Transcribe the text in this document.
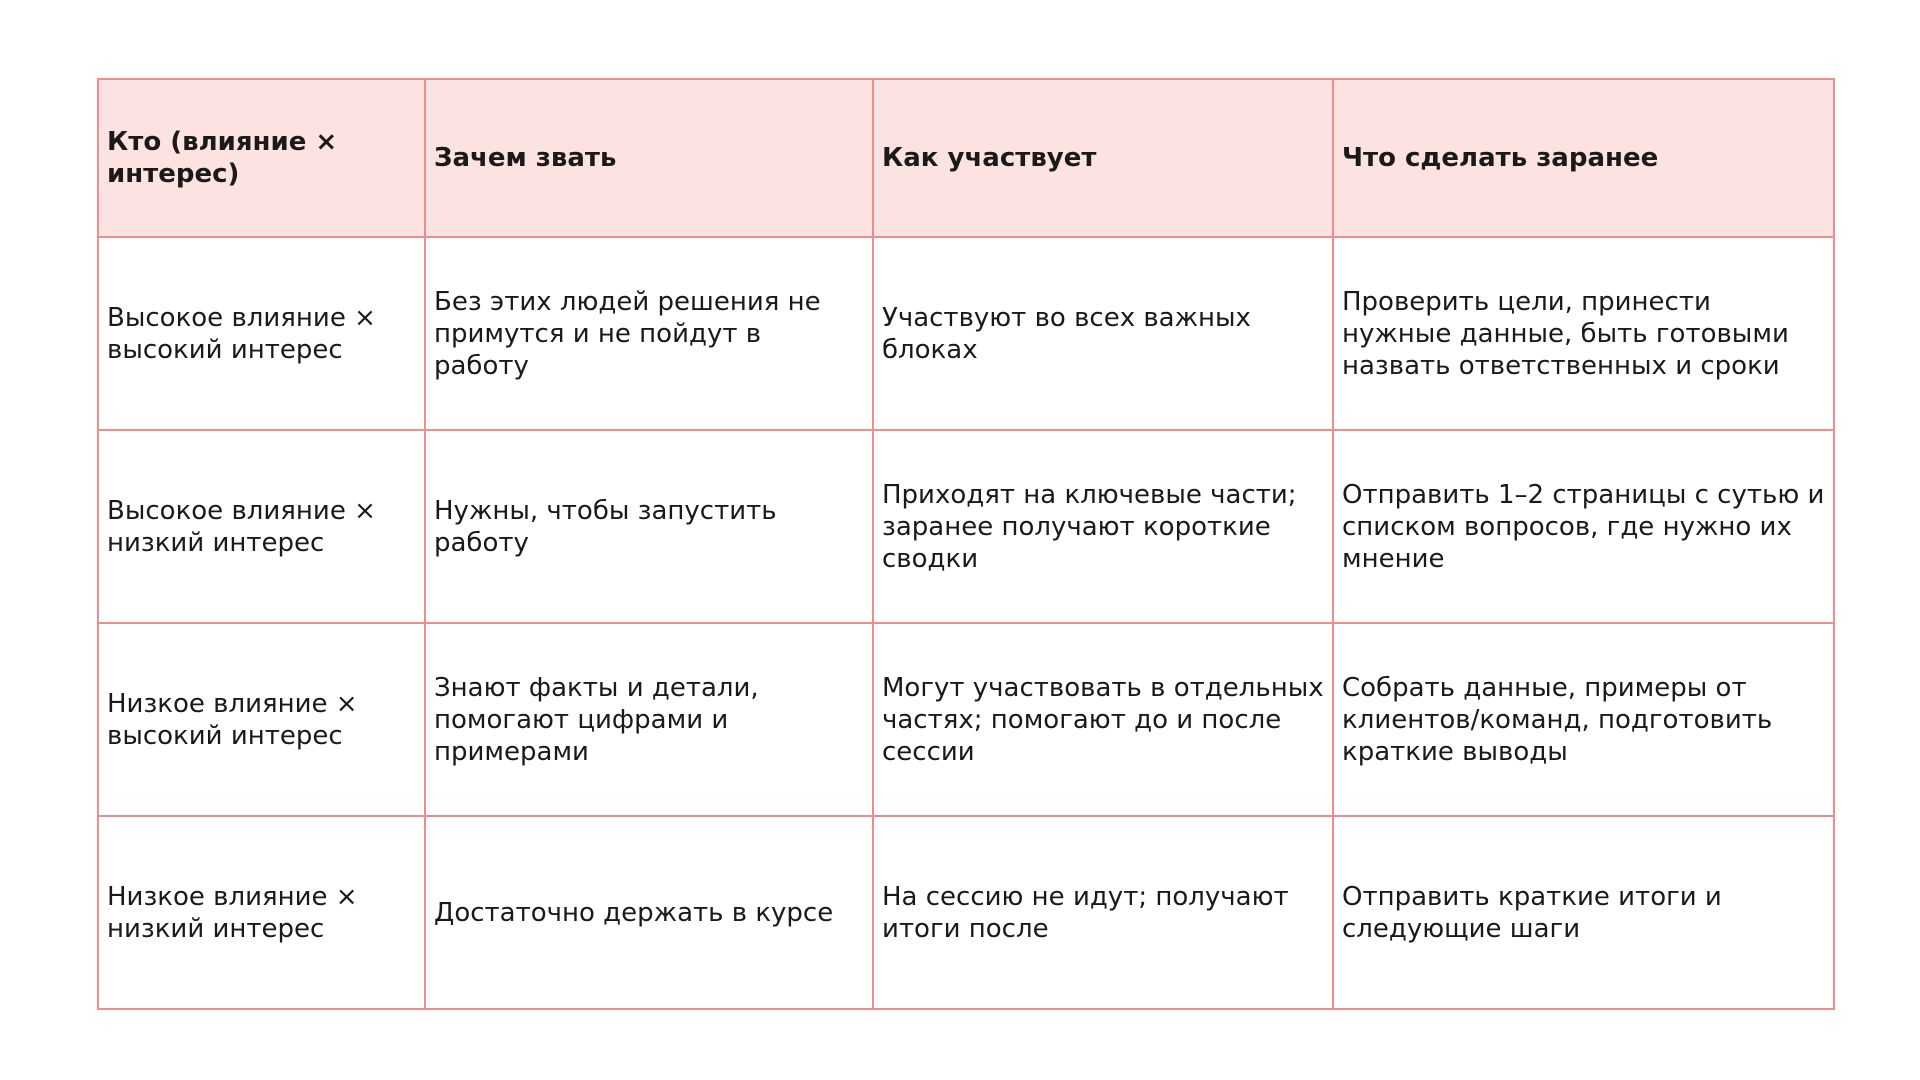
Кто (влияние × интерес)	Зачем звать	Как участвует	Что сделать заранее
Высокое влияние × высокий интерес	Без этих людей решения не примутся и не пойдут в работу	Участвуют во всех важных блоках	Проверить цели, принести нужные данные, быть готовыми назвать ответственных и сроки
Высокое влияние × низкий интерес	Нужны, чтобы запустить работу	Приходят на ключевые части; заранее получают короткие сводки	Отправить 1–2 страницы с сутью и списком вопросов, где нужно их мнение
Низкое влияние × высокий интерес	Знают факты и детали, помогают цифрами и примерами	Могут участвовать в отдельных частях; помогают до и после сессии	Собрать данные, примеры от клиентов/команд, подготовить краткие выводы
Низкое влияние × низкий интерес	Достаточно держать в курсе	На сессию не идут; получают итоги после	Отправить краткие итоги и следующие шаги
